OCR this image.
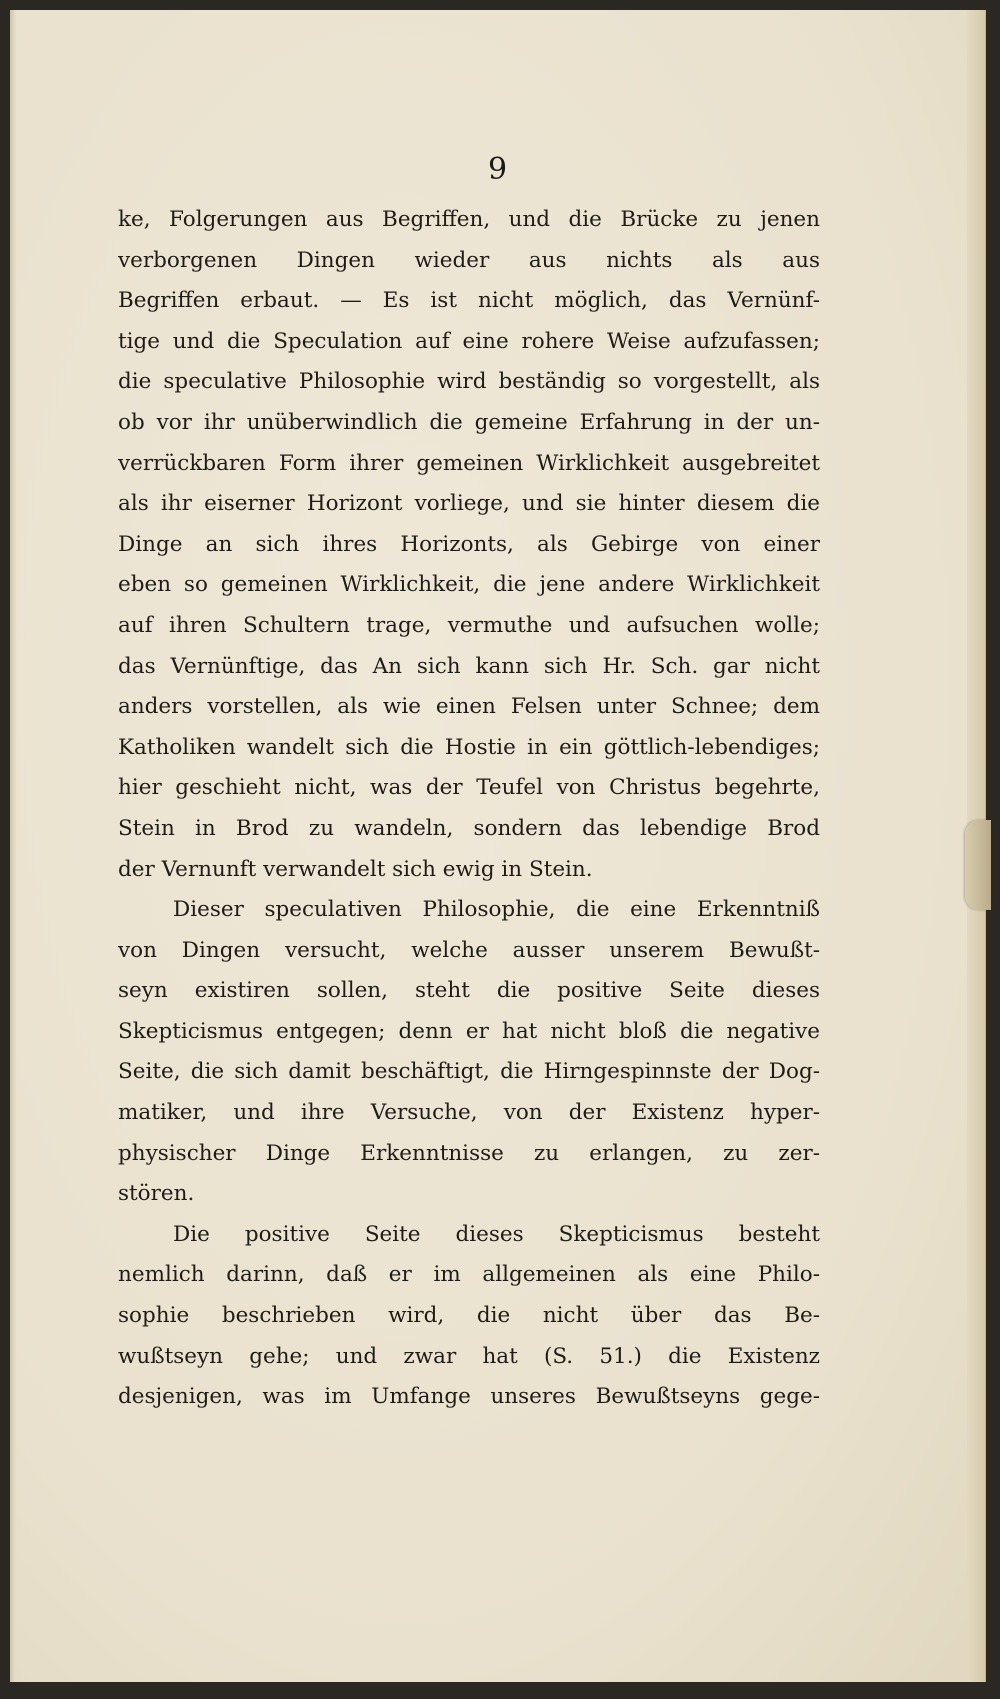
9
ke, Folgerungen aus Begriffen, und die Brücke zu jenen
verborgenen Dingen wieder aus nichts als aus
Begriffen erbaut. — Es ist nicht möglich, das Vernünf-
tige und die Speculation auf eine rohere Weise aufzufassen;
die speculative Philosophie wird beständig so vorgestellt, als
ob vor ihr unüberwindlich die gemeine Erfahrung in der un-
verrückbaren Form ihrer gemeinen Wirklichkeit ausgebreitet
als ihr eiserner Horizont vorliege, und sie hinter diesem die
Dinge an sich ihres Horizonts, als Gebirge von einer
eben so gemeinen Wirklichkeit, die jene andere Wirklichkeit
auf ihren Schultern trage, vermuthe und aufsuchen wolle;
das Vernünftige, das An sich kann sich Hr. Sch. gar nicht
anders vorstellen, als wie einen Felsen unter Schnee; dem
Katholiken wandelt sich die Hostie in ein göttlich-lebendiges;
hier geschieht nicht, was der Teufel von Christus begehrte,
Stein in Brod zu wandeln, sondern das lebendige Brod
der Vernunft verwandelt sich ewig in Stein.
Dieser speculativen Philosophie, die eine Erkenntniß
von Dingen versucht, welche ausser unserem Bewußt-
seyn existiren sollen, steht die positive Seite dieses
Skepticismus entgegen; denn er hat nicht bloß die negative
Seite, die sich damit beschäftigt, die Hirngespinnste der Dog-
matiker, und ihre Versuche, von der Existenz hyper-
physischer Dinge Erkenntnisse zu erlangen, zu zer-
stören.
Die positive Seite dieses Skepticismus besteht
nemlich darinn, daß er im allgemeinen als eine Philo-
sophie beschrieben wird, die nicht über das Be-
wußtseyn gehe; und zwar hat (S. 51.) die Existenz
desjenigen, was im Umfange unseres Bewußtseyns gege-
